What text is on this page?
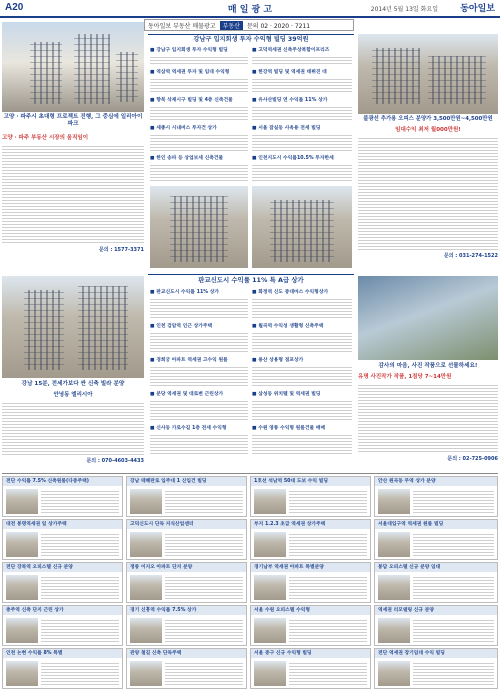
A20	매 일 광 고	2014년 5월 13일 화요일 동아일보
동아일보 부동산 매물광고	부동산	문의 02 · 2020 · 7211
고양 · 파주시 초대형 프로젝트 진행, 그 중심에 일리아이파크
고양 · 파주 부동산 시장의 움직임이
문의 : 1577-3371
강남구 입지회생 투자 수익형 빌딩 39억원
불광선 추가용 오피스 분양가 3,500만원~4,500만원
임대수익 최저 월000만원!
문의 : 031-274-1522
판교신도시 수익률 11% 특 A급 상가
■ 강남구 입지회생 투자 수익형 빌딩
■ 역삼역 역세권 투자 및 임대 수익형
■ 향북 삭제시구 빌딩 및 4층 신축건물
■ 세종시 시내버스 투자건 상가
■ 한인 송파 등 상업보세 신축건물
■ 고덕역세권 신축주상복합이프리즈
■ 한강역 빌딩 및 역세권 데뷔진 대
■ 유사산빌딩 연 수익률 11% 상가
■ 서울 잠실동 사옥용 전세 빌딩
■ 인천지도시 수익률10.5% 투자한세
■ 판교신도시 수익률 11% 상가
■ 인천 검암역 인근 상가주택
■ 경희궁 아파트 역세권 고수익 원룸
■ 분당 역세권 및 대로변 근린상가
■ 신사동 가로수길 1층 전세 수익형
■ 화정역 신도 중대마스 수익형상가
■ 월곡역 수익성 생활형 신축주택
■ 용산 상용형 점포상가
■ 삼성동 위치텔 및 역세권 빌딩
■ 수원 영통 수익형 원룸건물 매매
강남 15분, 전세가보다 싼 신축 빌라 분양
안녕동 엘리시아
문의 : 070-4603-4433
감사의 마음, 사진 작품으로 선물하세요!
유명 사진작가 작품, 1점당 7~14만원
문의 : 02-725-0906
전단 수익률 7.5% 신축원룸(다중주택)	강남 테헤란로 입주대 1 신입건 빌딩	1호선 석남역 50대 도보 수익 빌딩	안산 원곡동 무역 상가 분양
대전 봉명역세권 일 상가주택	고덕신도시 단독 지식산업센터	부지 1.2.3 초급 역세권 상가주택	서울대입구역 역세권 원룸 빌딩
전단 강북역 오피스텔 신규 분양	정릉 이지오 아파트 단지 분양	경기남부 역세권 아파트 특별분양	봉담 오피스텔 신규 분양 임대
충주역 신축 단지 근린 상가	경기 신흥역 수익률 7.5% 상가	서울 수원 오피스텔 수익형	역세권 리모델링 신규 분양
인천 논현 수익률 8% 특별	관양 철길 신축 단독주택	서울 중구 신규 수익형 빌딩	전단 역세권 장기임대 수익 빌딩
